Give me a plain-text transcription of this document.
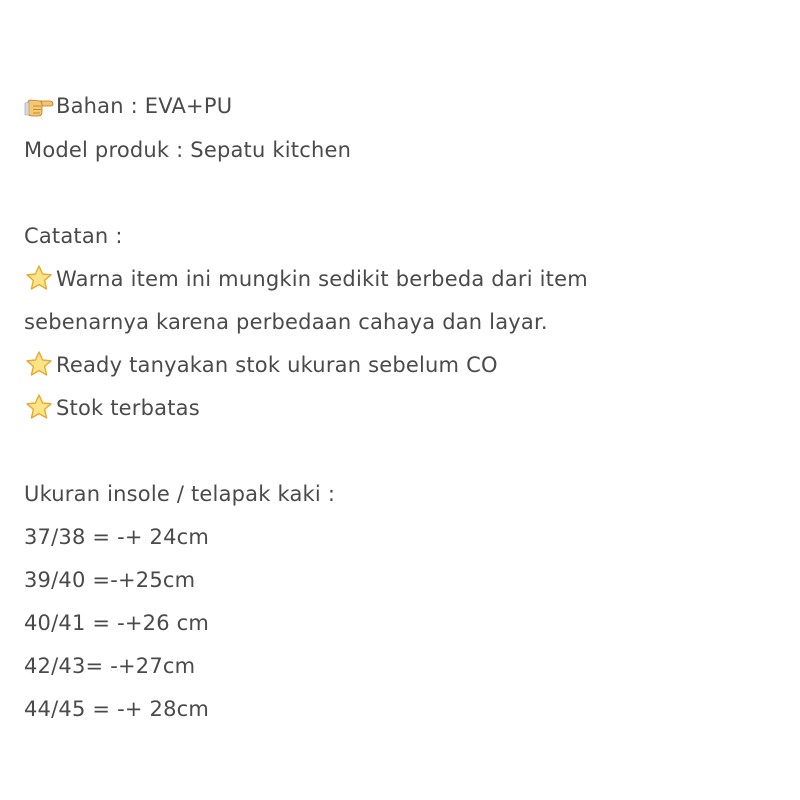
Bahan : EVA+PU
Model produk : Sepatu kitchen
Catatan :
Warna item ini mungkin sedikit berbeda dari item
sebenarnya karena perbedaan cahaya dan layar.
Ready tanyakan stok ukuran sebelum CO
Stok terbatas
Ukuran insole / telapak kaki :
37/38 = -+ 24cm
39/40 =-+25cm
40/41 = -+26 cm
42/43= -+27cm
44/45 = -+ 28cm
